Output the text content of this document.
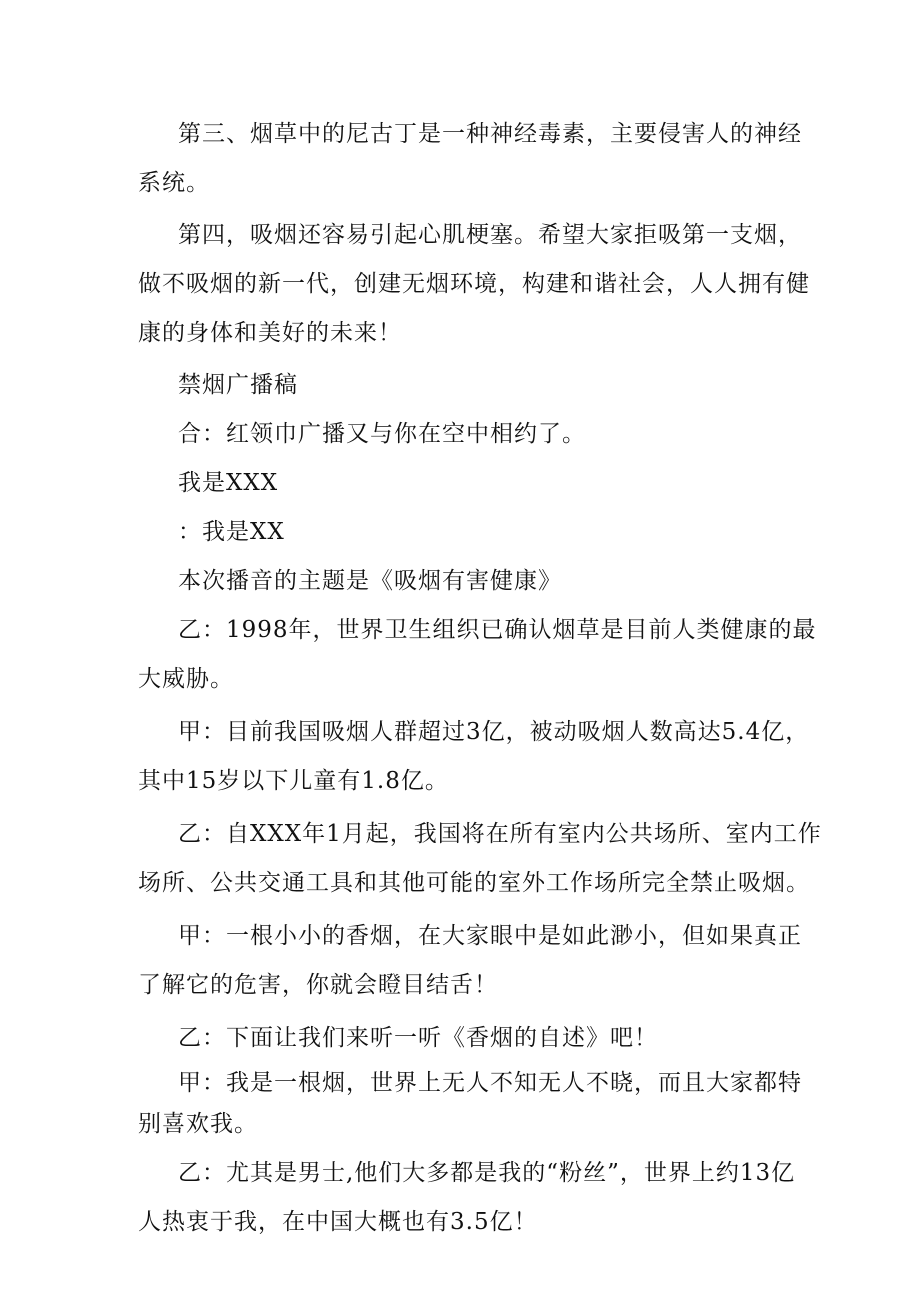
第三、烟草中的尼古丁是一种神经毒素，主要侵害人的神经
系统。

第四，吸烟还容易引起心肌梗塞。希望大家拒吸第一支烟，
做不吸烟的新一代，创建无烟环境，构建和谐社会，人人拥有健
康的身体和美好的未来！

禁烟广播稿

合：红领巾广播又与你在空中相约了。

我是XXX

：我是XX

本次播音的主题是《吸烟有害健康》

乙：1998年，世界卫生组织已确认烟草是目前人类健康的最
大威胁。

甲：目前我国吸烟人群超过3亿，被动吸烟人数高达5.4亿，
其中15岁以下儿童有1.8亿。

乙：自XXX年1月起，我国将在所有室内公共场所、室内工作
场所、公共交通工具和其他可能的室外工作场所完全禁止吸烟。

甲：一根小小的香烟，在大家眼中是如此渺小，但如果真正
了解它的危害，你就会瞪目结舌！

乙：下面让我们来听一听《香烟的自述》吧！

甲：我是一根烟，世界上无人不知无人不晓，而且大家都特
别喜欢我。

乙：尤其是男士,他们大多都是我的“粉丝”，世界上约13亿
人热衷于我，在中国大概也有3.5亿！
